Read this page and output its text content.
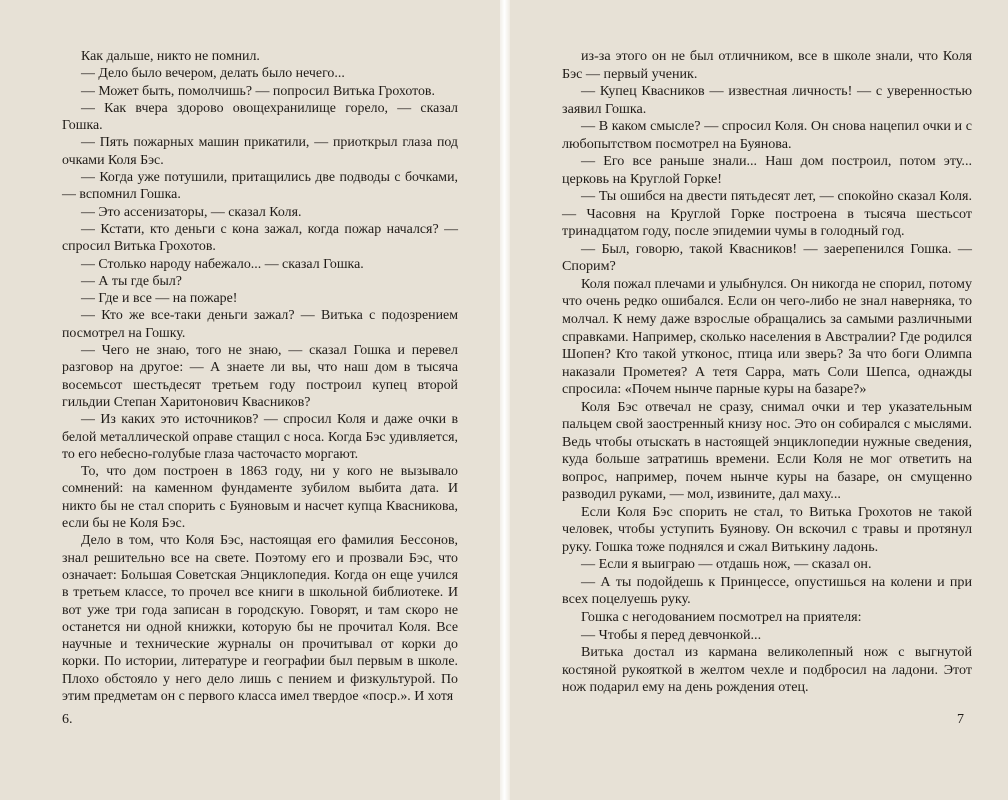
Как дальше, никто не помнил.

— Дело было вечером, делать было нечего...

— Может быть, помолчишь? — попросил Витька Грохотов.

— Как вчера здорово овощехранилище горело, — сказал Гошка.

— Пять пожарных машин прикатили, — приоткрыл глаза под очками Коля Бэс.

— Когда уже потушили, притащились две подводы с бочками, — вспомнил Гошка.

— Это ассенизаторы, — сказал Коля.

— Кстати, кто деньги с кона зажал, когда пожар начался? — спросил Витька Грохотов.

— Столько народу набежало... — сказал Гошка.

— А ты где был?

— Где и все — на пожаре!

— Кто же все-таки деньги зажал? — Витька с подозрением посмотрел на Гошку.

— Чего не знаю, того не знаю, — сказал Гошка и перевел разговор на другое: — А знаете ли вы, что наш дом в тысяча восемьсот шестьдесят третьем году построил купец второй гильдии Степан Харитонович Квасников?

— Из каких это источников? — спросил Коля и даже очки в белой металлической оправе стащил с носа. Когда Бэс удивляется, то его небесно-голубые глаза часточасто моргают.

То, что дом построен в 1863 году, ни у кого не вызывало сомнений: на каменном фундаменте зубилом выбита дата. И никто бы не стал спорить с Буяновым и насчет купца Квасникова, если бы не Коля Бэс.

Дело в том, что Коля Бэс, настоящая его фамилия Бессонов, знал решительно все на свете. Поэтому его и прозвали Бэс, что означает: Большая Советская Энциклопедия. Когда он еще учился в третьем классе, то прочел все книги в школьной библиотеке. И вот уже три года записан в городскую. Говорят, и там скоро не останется ни одной книжки, которую бы не прочитал Коля. Все научные и технические журналы он прочитывал от корки до корки. По истории, литературе и географии был первым в школе. Плохо обстояло у него дело лишь с пением и физкультурой. По этим предметам он с первого класса имел твердое «поср.». И хотя

6.

из-за этого он не был отличником, все в школе знали, что Коля Бэс — первый ученик.

— Купец Квасников — известная личность! — с уверенностью заявил Гошка.

— В каком смысле? — спросил Коля. Он снова нацепил очки и с любопытством посмотрел на Буянова.

— Его все раньше знали... Наш дом построил, потом эту... церковь на Круглой Горке!

— Ты ошибся на двести пятьдесят лет, — спокойно сказал Коля. — Часовня на Круглой Горке построена в тысяча шестьсот тринадцатом году, после эпидемии чумы в голодный год.

— Был, говорю, такой Квасников! — заерепенился Гошка. — Спорим?

Коля пожал плечами и улыбнулся. Он никогда не спорил, потому что очень редко ошибался. Если он чего-либо не знал наверняка, то молчал. К нему даже взрослые обращались за самыми различными справками. Например, сколько населения в Австралии? Где родился Шопен? Кто такой утконос, птица или зверь? За что боги Олимпа наказали Прометея? А тетя Сарра, мать Соли Шепса, однажды спросила: «Почем нынче парные куры на базаре?»

Коля Бэс отвечал не сразу, снимал очки и тер указательным пальцем свой заостренный книзу нос. Это он собирался с мыслями. Ведь чтобы отыскать в настоящей энциклопедии нужные сведения, куда больше затратишь времени. Если Коля не мог ответить на вопрос, например, почем нынче куры на базаре, он смущенно разводил руками, — мол, извините, дал маху...

Если Коля Бэс спорить не стал, то Витька Грохотов не такой человек, чтобы уступить Буянову. Он вскочил с травы и протянул руку. Гошка тоже поднялся и сжал Витькину ладонь.

— Если я выиграю — отдашь нож, — сказал он.

— А ты подойдешь к Принцессе, опустишься на колени и при всех поцелуешь руку.

Гошка с негодованием посмотрел на приятеля:

— Чтобы я перед девчонкой...

Витька достал из кармана великолепный нож с выгнутой костяной рукояткой в желтом чехле и подбросил на ладони. Этот нож подарил ему на день рождения отец.

7
